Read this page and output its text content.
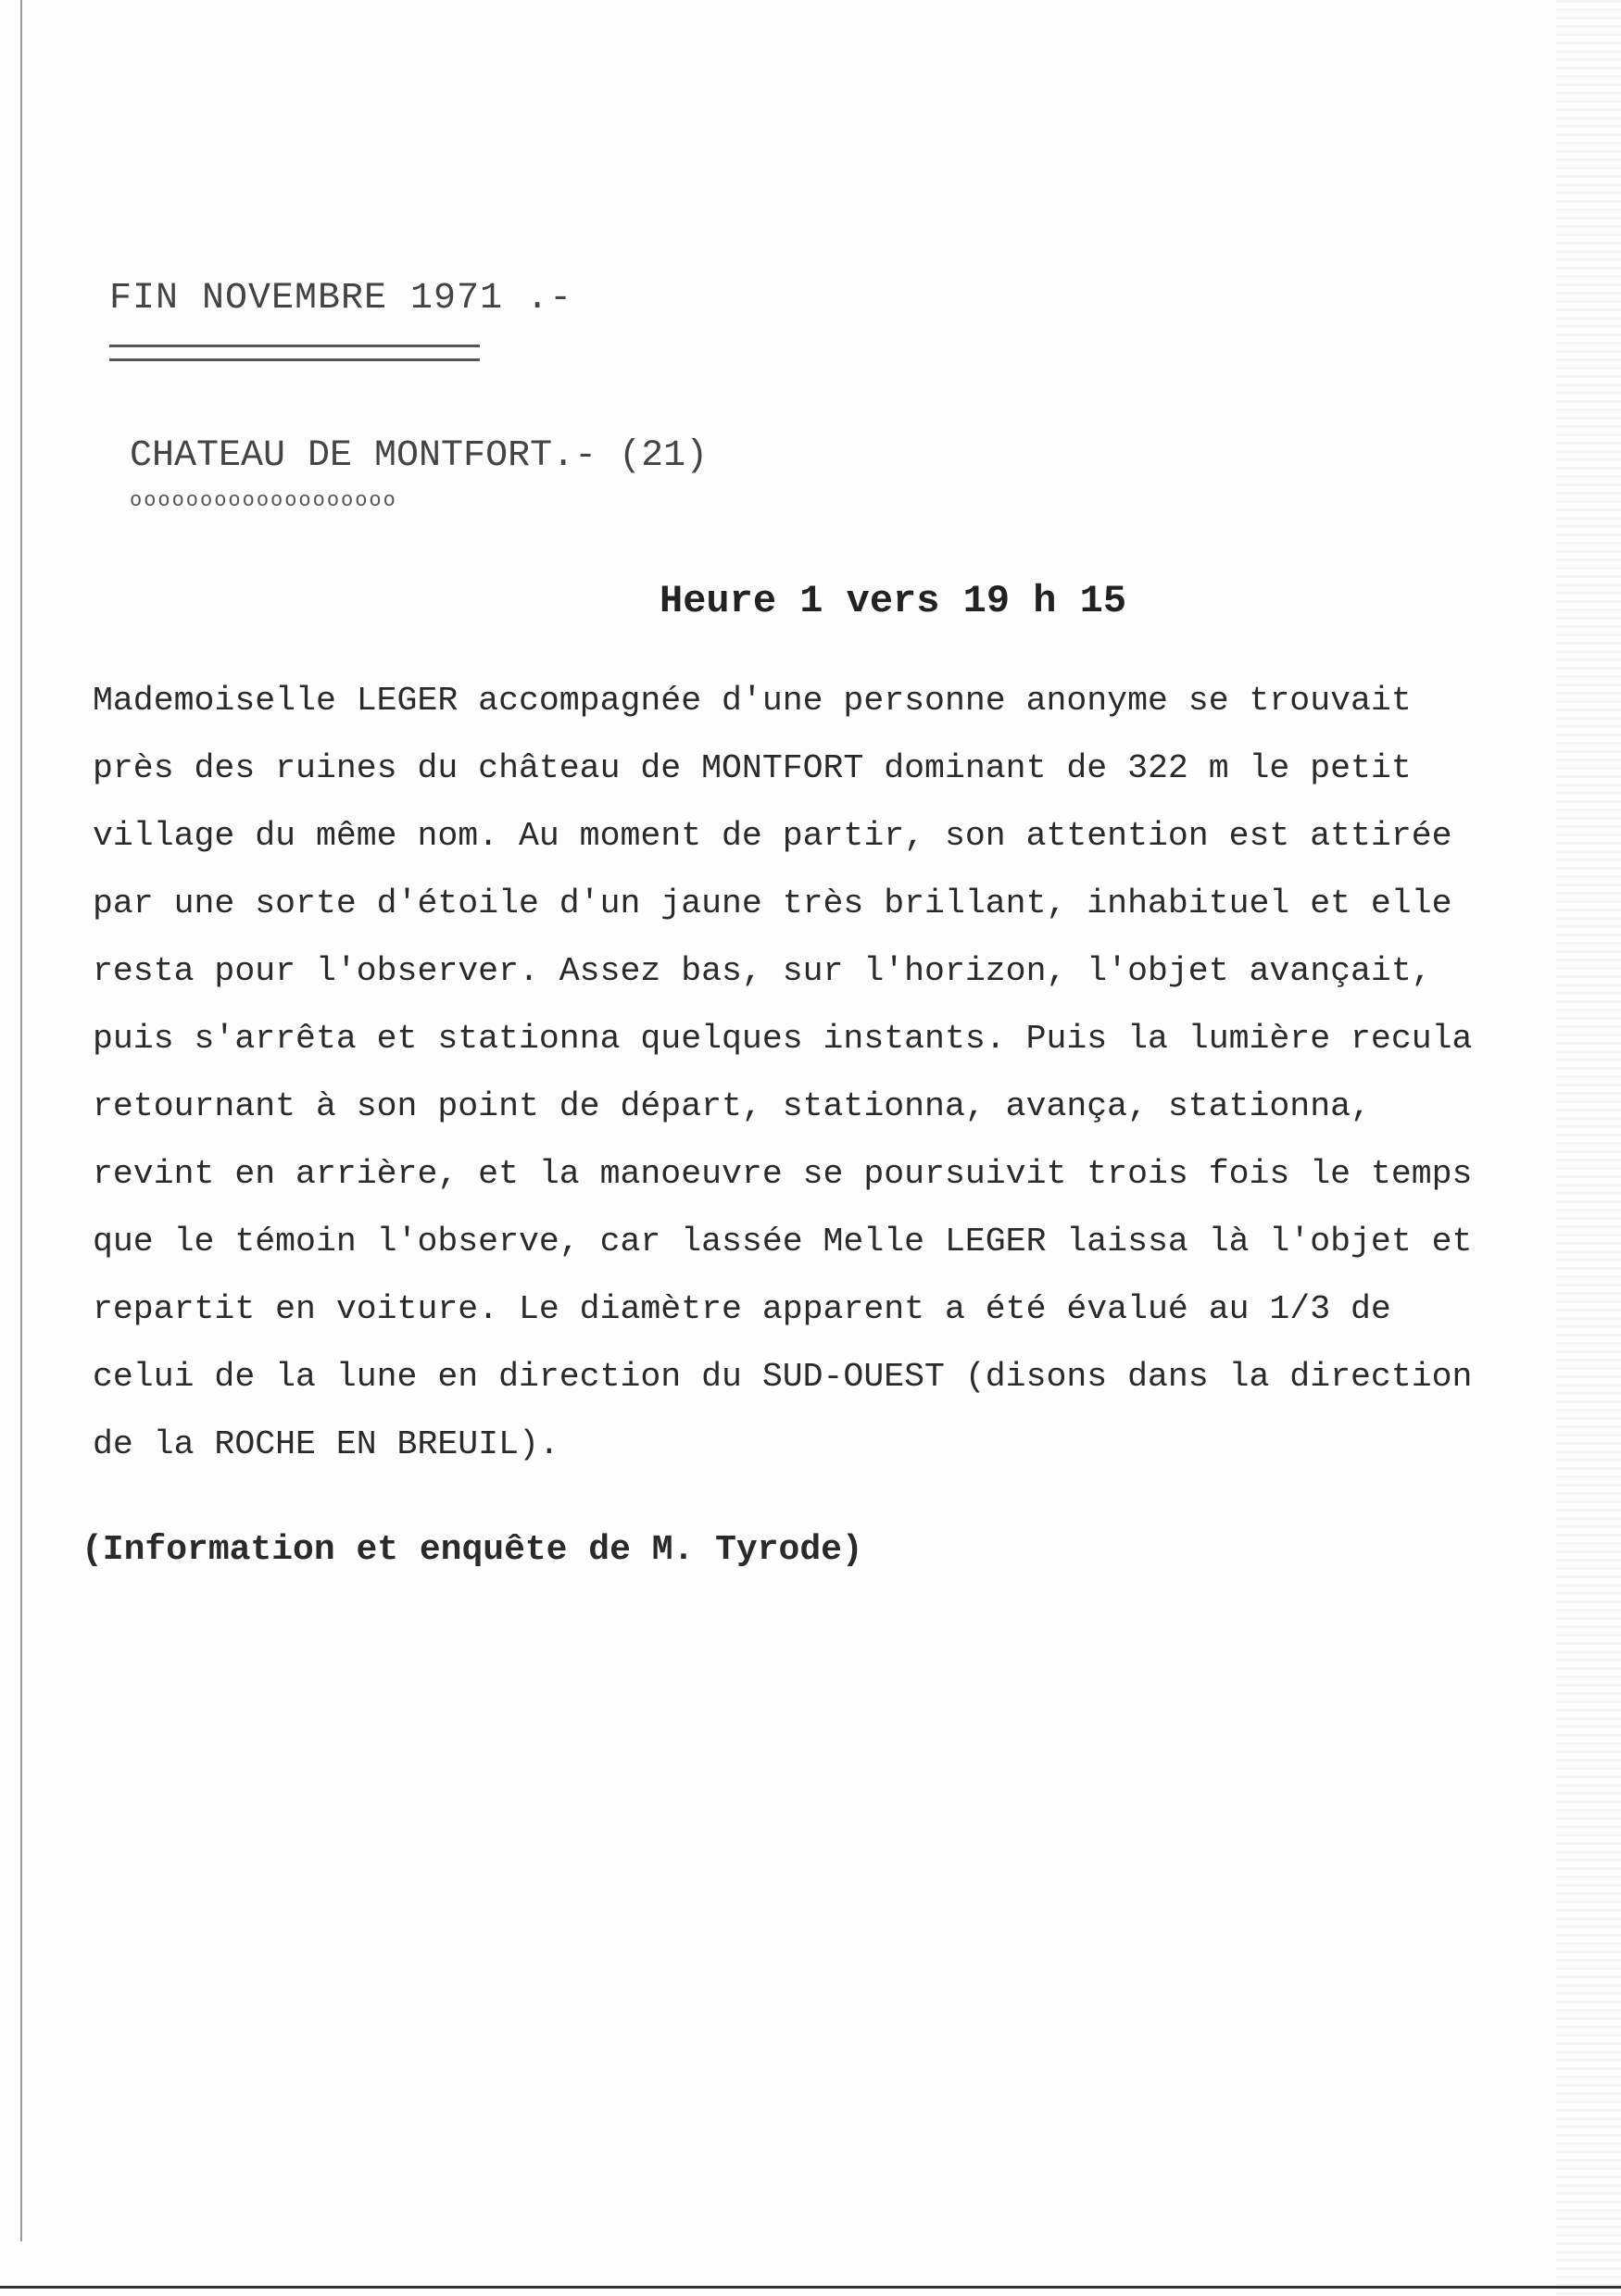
FIN NOVEMBRE 1971 .-
CHATEAU DE MONTFORT.- (21)
ooooooooooooooooooo
Heure 1 vers 19 h 15

Mademoiselle LEGER accompagnée d'une personne anonyme se trouvait
près des ruines du château de MONTFORT dominant de 322 m le petit
village du même nom. Au moment de partir, son attention est attirée
par une sorte d'étoile d'un jaune très brillant, inhabituel et elle
resta pour l'observer. Assez bas, sur l'horizon, l'objet avançait,
puis s'arrêta et stationna quelques instants. Puis la lumière recula
retournant à son point de départ, stationna, avança, stationna,
revint en arrière, et la manoeuvre se poursuivit trois fois le temps
que le témoin l'observe, car lassée Melle LEGER laissa là l'objet et
repartit en voiture. Le diamètre apparent a été évalué au 1/3 de
celui de la lune en direction du SUD-OUEST (disons dans la direction
de la ROCHE EN BREUIL).

(Information et enquête de M. Tyrode)
